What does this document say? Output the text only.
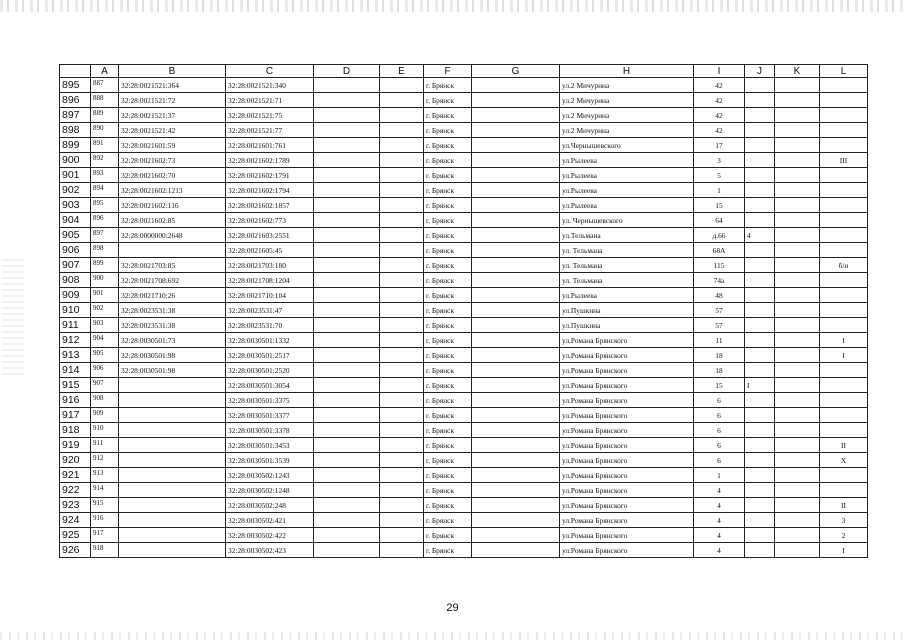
	A	B	C	D	E	F	G	H	I	J	K	L
895	887	32:28:0021521:364	32:28:0021521:340			г. Брянск		ул.2 Мичурина	42			
896	888	32:28:0021521:72	32:28:0021521:71			г. Брянск		ул.2 Мичурина	42			
897	889	32:28:0021521:37	32:28:0021521:75			г. Брянск		ул.2 Мичурина	42			
898	890	32:28:0021521:42	32:28:0021521:77			г. Брянск		ул.2 Мичурина	42			
899	891	32:28:0021601:59	32:28:0021601:761			г. Брянск		ул.Чернышевского	17			
900	892	32:28:0021602:73	32:28:0021602:1789			г. Брянск		ул.Рылеева	3			III
901	893	32:28:0021602:70	32:28:0021602:1791			г. Брянск		ул.Рылеева	5			
902	894	32:28:0021602:1213	32:28:0021602:1794			г. Брянск		ул.Рылеева	1			
903	895	32:28:0021602:116	32:28:0021602:1857			г. Брянск		ул.Рылеева	15			
904	896	32:28:0021602:85	32:28:0021602:773			г. Брянск		ул. Чернышевского	64			
905	897	32:28:0000000:2648	32:28:0021603:2551			г. Брянск		ул.Тельмана	д.66	4		
906	898		32:28:0021605:45			г. Брянск		ул. Тельмана	68А			
907	899	32:28:0021703:85	32:28:0021703:180			г. Брянск		ул. Тельмана	115			б/н
908	900	32:28:0021708:692	32:28:0021708:1204			г. Брянск		ул. Тельмана	74а			
909	901	32:28:0021710:26	32:28:0021710:104			г. Брянск		ул.Рылеева	48			
910	902	32:28:0023531:38	32:28:0023531:47			г. Брянск		ул.Пушкина	57			
911	903	32:28:0023531:38	32:28:0023531:70			г. Брянск		ул.Пушкина	57			
912	904	32:28:0030501:73	32:28:0030501:1332			г. Брянск		ул.Романа Брянского	11			I
913	905	32:28:0030501:98	32:28:0030501:2517			г. Брянск		ул.Романа Брянского	18			I
914	906	32:28:0030501:98	32:28:0030501:2520			г. Брянск		ул.Романа Брянского	18			
915	907		32:28:0030501:3054			г. Брянск		ул.Романа Брянского	15	I		
916	908		32:28:0030501:3375			г. Брянск		ул.Романа Брянского	6			
917	909		32:28:0030501:3377			г. Брянск		ул.Романа Брянского	6			
918	910		32:28:0030501:3378			г. Брянск		ул.Романа Брянского	6			
919	911		32:28:0030501:3453			г. Брянск		ул.Романа Брянского	6			II
920	912		32:28:0030501:3539			г. Брянск		ул.Романа Брянского	6			X
921	913		32:28:0030502:1243			г. Брянск		ул.Романа Брянского	1			
922	914		32:28:0030502:1248			г. Брянск		ул.Романа Брянского	4			
923	915		32:28:0030502:248			г. Брянск		ул.Романа Брянского	4			II
924	916		32:28:0030502:421			г. Брянск		ул.Романа Брянского	4			3
925	917		32:28:0030502:422			г. Брянск		ул.Романа Брянского	4			2
926	918		32:28:0030502:423			г. Брянск		ул.Романа Брянского	4			I
29
